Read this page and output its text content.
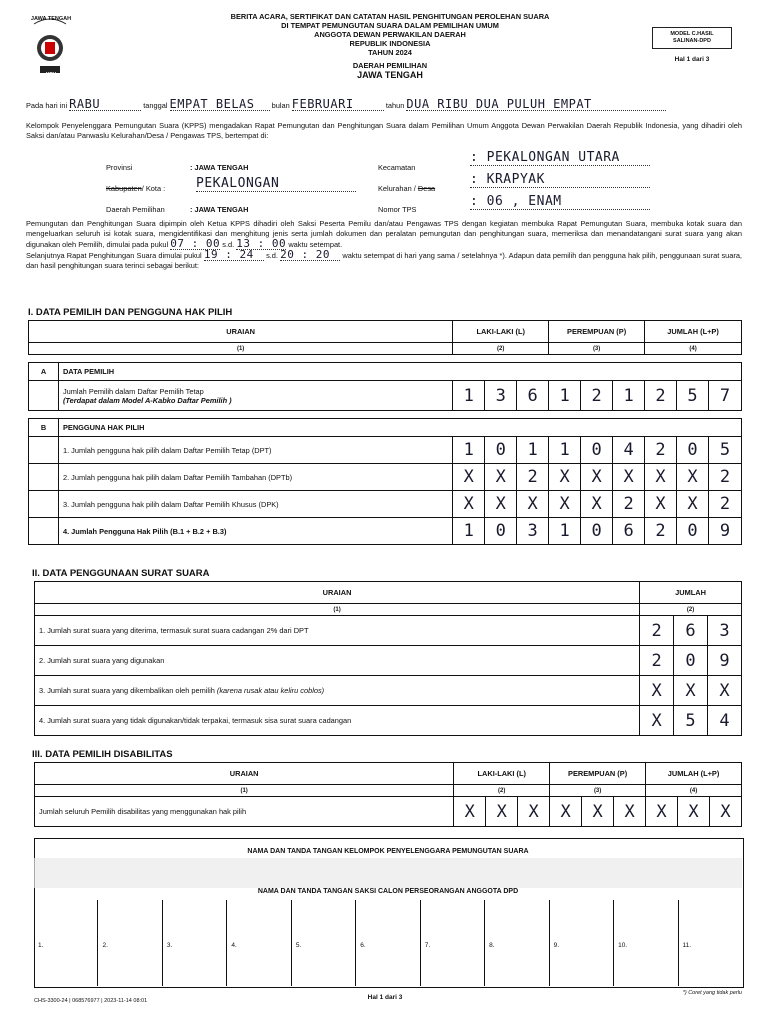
JAWA TENGAH
KPU
BERITA ACARA, SERTIFIKAT DAN CATATAN HASIL PENGHITUNGAN PEROLEHAN SUARA
DI TEMPAT PEMUNGUTAN SUARA DALAM PEMILIHAN UMUM
ANGGOTA DEWAN PERWAKILAN DAERAH
REPUBLIK INDONESIA
TAHUN 2024
DAERAH PEMILIHAN
JAWA TENGAH
MODEL C.HASIL
SALINAN-DPD
Hal 1 dari 3
Pada hari ini RABU	tanggal EMPAT BELAS bulan FEBRUARI	tahun DUA RIBU DUA PULUH EMPAT
Kelompok Penyelenggara Pemungutan Suara (KPPS) mengadakan Rapat Pemungutan dan Penghitungan Suara dalam Pemilihan Umum Anggota Dewan Perwakilan Daerah Republik Indonesia, yang dihadiri oleh Saksi dan/atau Panwaslu Kelurahan/Desa / Pengawas TPS, bertempat di:
Provinsi	: JAWA TENGAH
Kabupaten/ Kota : PEKALONGAN
Daerah Pemilihan	: JAWA TENGAH
Kecamatan
: PEKALONGAN UTARA
Kelurahan / Desa
: KRAPYAK
Nomor TPS
: 06 , ENAM
Pemungutan dan Penghitungan Suara dipimpin oleh Ketua KPPS dihadiri oleh Saksi Peserta Pemilu dan/atau Pengawas TPS dengan kegiatan membuka Rapat Pemungutan Suara, membuka kotak suara dan mengeluarkan seluruh isi kotak suara, mengidentifikasi dan menghitung jenis serta jumlah dokumen dan peralatan pemungutan dan penghitungan suara, memeriksa dan menandatangani surat suara yang akan digunakan oleh Pemilih, dimulai pada pukul 07 : 00 s.d. 13 : 00 waktu setempat.
Selanjutnya Rapat Penghitungan Suara dimulai pukul 19 : 24 s.d. 20 : 20 waktu setempat di hari yang sama / setelahnya *). Adapun data pemilih dan pengguna hak pilih, penggunaan surat suara, dan hasil penghitungan suara terinci sebagai berikut:
I. DATA PEMILIH DAN PENGGUNA HAK PILIH
URAIAN		LAKI-LAKI (L)			PEREMPUAN (P)			JUMLAH (L+P)		
(1)		(2)			(3)			(4)		

A	DATA PEMILIH									

	Jumlah Pemilih dalam Daftar Pemilih Tetap
(Terdapat dalam Model A-Kabko Daftar Pemilih )	1	3	6	1	2	1	2	5	7

B	PENGGUNA HAK PILIH									
	1. Jumlah pengguna hak pilih dalam Daftar Pemilih Tetap (DPT)	1	0	1	1	0	4	2	0	5
	2. Jumlah pengguna hak pilih dalam Daftar Pemilih Tambahan (DPTb)	X	X	2	X	X	X	X	X	2
	3. Jumlah pengguna hak pilih dalam Daftar Pemilih Khusus (DPK)	X	X	X	X	X	2	X	X	2
	4. Jumlah Pengguna Hak Pilih (B.1 + B.2 + B.3)	1	0	3	1	0	6	2	0	9
II. DATA PENGGUNAAN SURAT SUARA
URAIAN	JUMLAH		
(1)	(2)		
1. Jumlah surat suara yang diterima, termasuk surat suara cadangan 2% dari DPT	2	6	3
2. Jumlah surat suara yang digunakan	2	0	9
3. Jumlah surat suara yang dikembalikan oleh pemilih (karena rusak atau keliru coblos)	X	X	X
4. Jumlah surat suara yang tidak digunakan/tidak terpakai, termasuk sisa surat suara cadangan	X	5	4
III. DATA PEMILIH DISABILITAS
URAIAN	LAKI-LAKI (L)			PEREMPUAN (P)			JUMLAH (L+P)		
(1)	(2)			(3)			(4)		
Jumlah seluruh Pemilih disabilitas yang menggunakan hak pilih	X	X	X	X	X	X	X	X	X
NAMA DAN TANDA TANGAN KELOMPOK PENYELENGGARA PEMUNGUTAN SUARA
NAMA DAN TANDA TANGAN SAKSI CALON PERSEORANGAN ANGGOTA DPD
1.	2.	3.	4.	5.	6.	7.	8.	9.	10.	11.
CHS-3300-24 | 068576977 | 2023-11-14 08:01	Hal 1 dari 3
*) Coret yang tidak perlu
